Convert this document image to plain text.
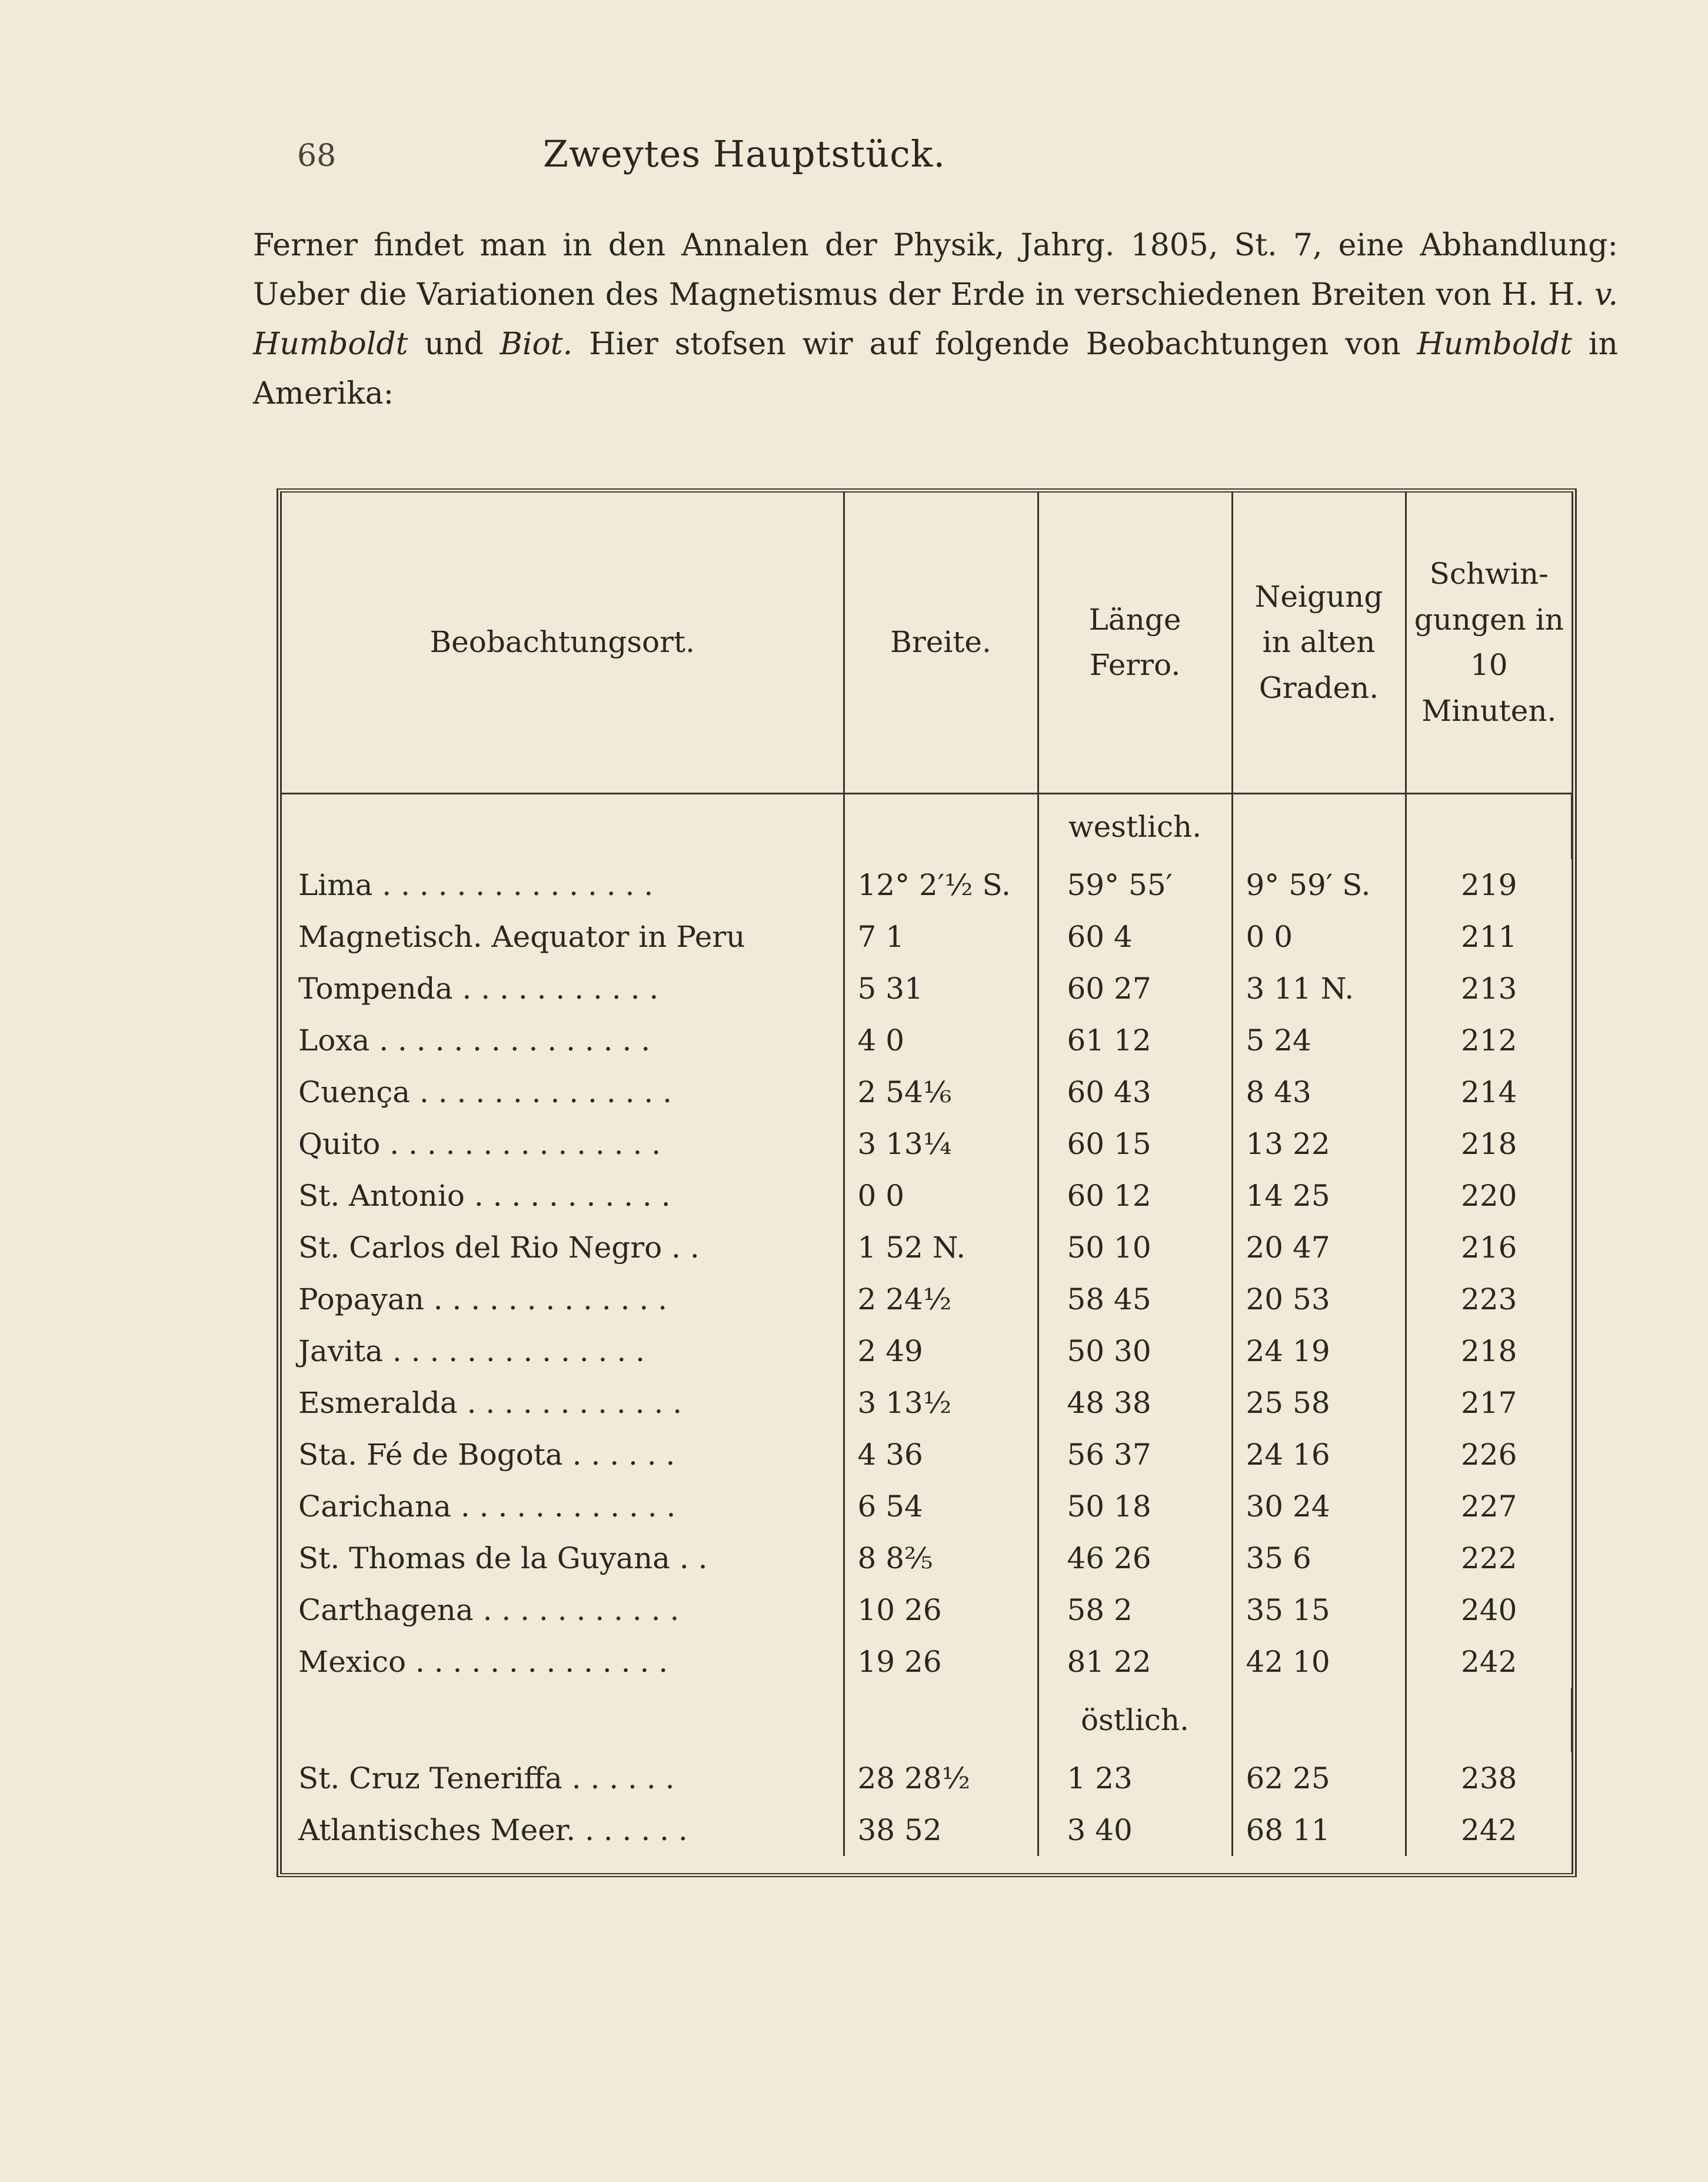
68	Zweytes Hauptstück.

Ferner findet man in den Annalen der Physik, Jahrg. 1805, St. 7, eine Abhandlung: Ueber die Variationen des Magnetismus der Erde in verschiedenen Breiten von H. H. v. Humboldt und Biot. Hier stofsen wir auf folgende Beobachtungen von Humboldt in Amerika:

Beobachtungsort.	Breite.	Länge Ferro.	Neigung in alten Graden.	Schwin-gungen in 10 Minuten.
		westlich.		
Lima . . . . . . . . . . . . . . .	12° 2′½ S.	59° 55′	9° 59′ S.	219
Magnetisch. Aequator in Peru	7 1	60 4	0 0	211
Tompenda . . . . . . . . . . .	5 31	60 27	3 11 N.	213
Loxa . . . . . . . . . . . . . . .	4 0	61 12	5 24	212
Cuença . . . . . . . . . . . . . .	2 54⅙	60 43	8 43	214
Quito . . . . . . . . . . . . . . .	3 13¼	60 15	13 22	218
St. Antonio . . . . . . . . . . .	0 0	60 12	14 25	220
St. Carlos del Rio Negro . .	1 52 N.	50 10	20 47	216
Popayan . . . . . . . . . . . . .	2 24½	58 45	20 53	223
Javita . . . . . . . . . . . . . .	2 49	50 30	24 19	218
Esmeralda . . . . . . . . . . . .	3 13½	48 38	25 58	217
Sta. Fé de Bogota . . . . . .	4 36	56 37	24 16	226
Carichana . . . . . . . . . . . .	6 54	50 18	30 24	227
St. Thomas de la Guyana . .	8 8⅖	46 26	35 6	222
Carthagena . . . . . . . . . . .	10 26	58 2	35 15	240
Mexico . . . . . . . . . . . . . .	19 26	81 22	42 10	242
		östlich.		
St. Cruz Teneriffa . . . . . .	28 28½	1 23	62 25	238
Atlantisches Meer. . . . . . .	38 52	3 40	68 11	242
